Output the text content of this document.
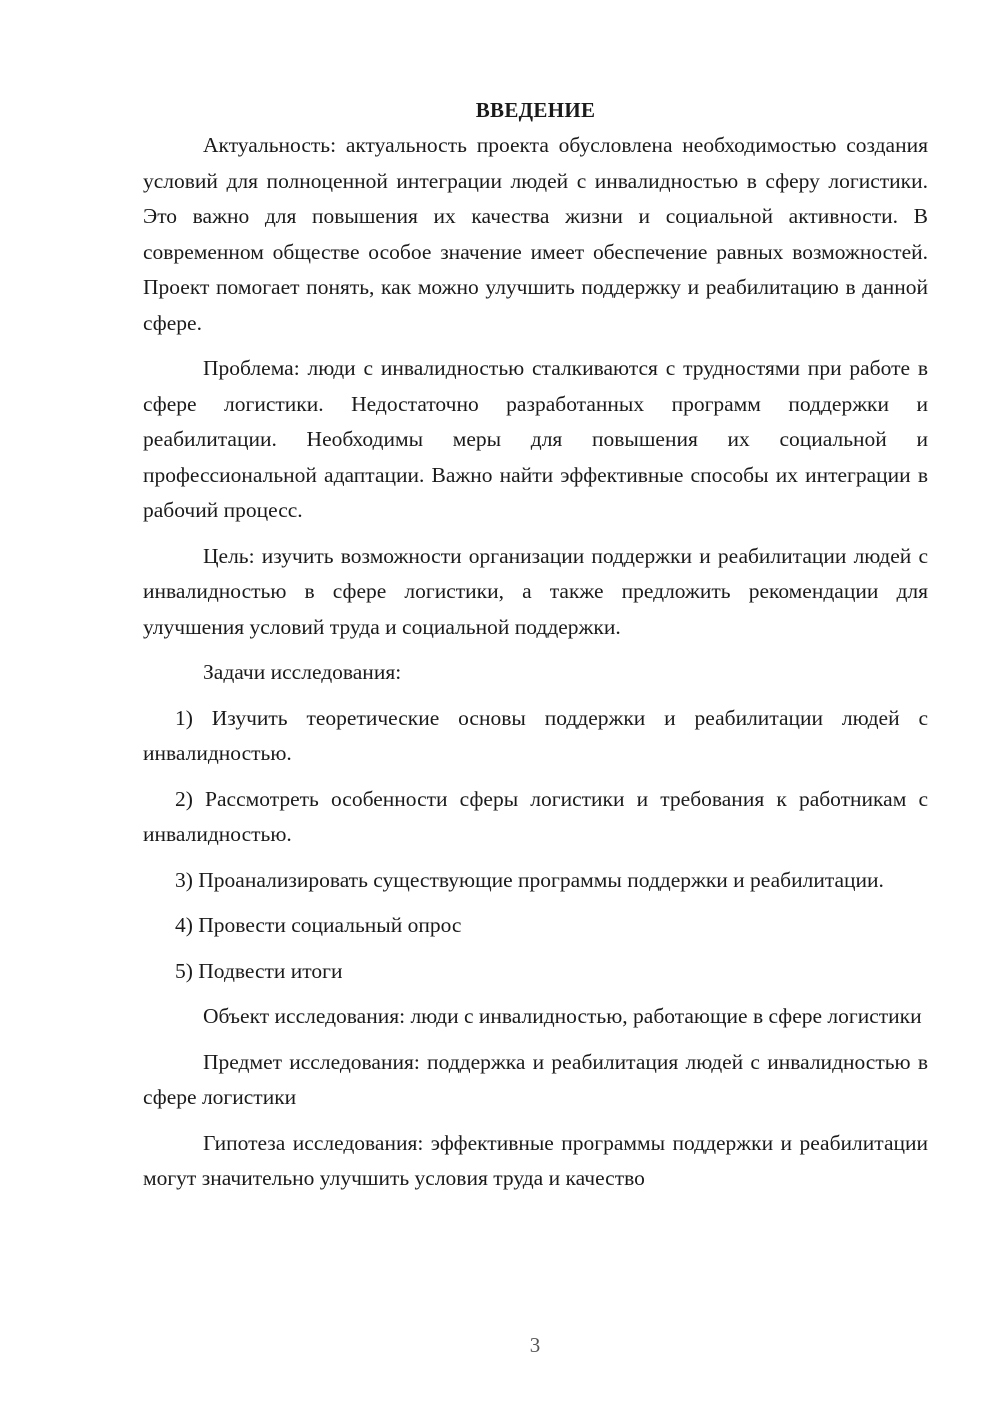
ВВЕДЕНИЕ

Актуальность: актуальность проекта обусловлена необходимостью создания условий для полноценной интеграции людей с инвалидностью в сферу логистики. Это важно для повышения их качества жизни и социальной активности. В современном обществе особое значение имеет обеспечение равных возможностей. Проект помогает понять, как можно улучшить поддержку и реабилитацию в данной сфере.

Проблема: люди с инвалидностью сталкиваются с трудностями при работе в сфере логистики. Недостаточно разработанных программ поддержки и реабилитации. Необходимы меры для повышения их социальной и профессиональной адаптации. Важно найти эффективные способы их интеграции в рабочий процесс.

Цель: изучить возможности организации поддержки и реабилитации людей с инвалидностью в сфере логистики, а также предложить рекомендации для улучшения условий труда и социальной поддержки.

Задачи исследования:

1) Изучить теоретические основы поддержки и реабилитации людей с инвалидностью.

2) Рассмотреть особенности сферы логистики и требования к работникам с инвалидностью.

3) Проанализировать существующие программы поддержки и реабилитации.

4) Провести социальный опрос

5) Подвести итоги

Объект исследования: люди с инвалидностью, работающие в сфере логистики

Предмет исследования: поддержка и реабилитация людей с инвалидностью в сфере логистики

Гипотеза исследования: эффективные программы поддержки и реабилитации могут значительно улучшить условия труда и качество

3
